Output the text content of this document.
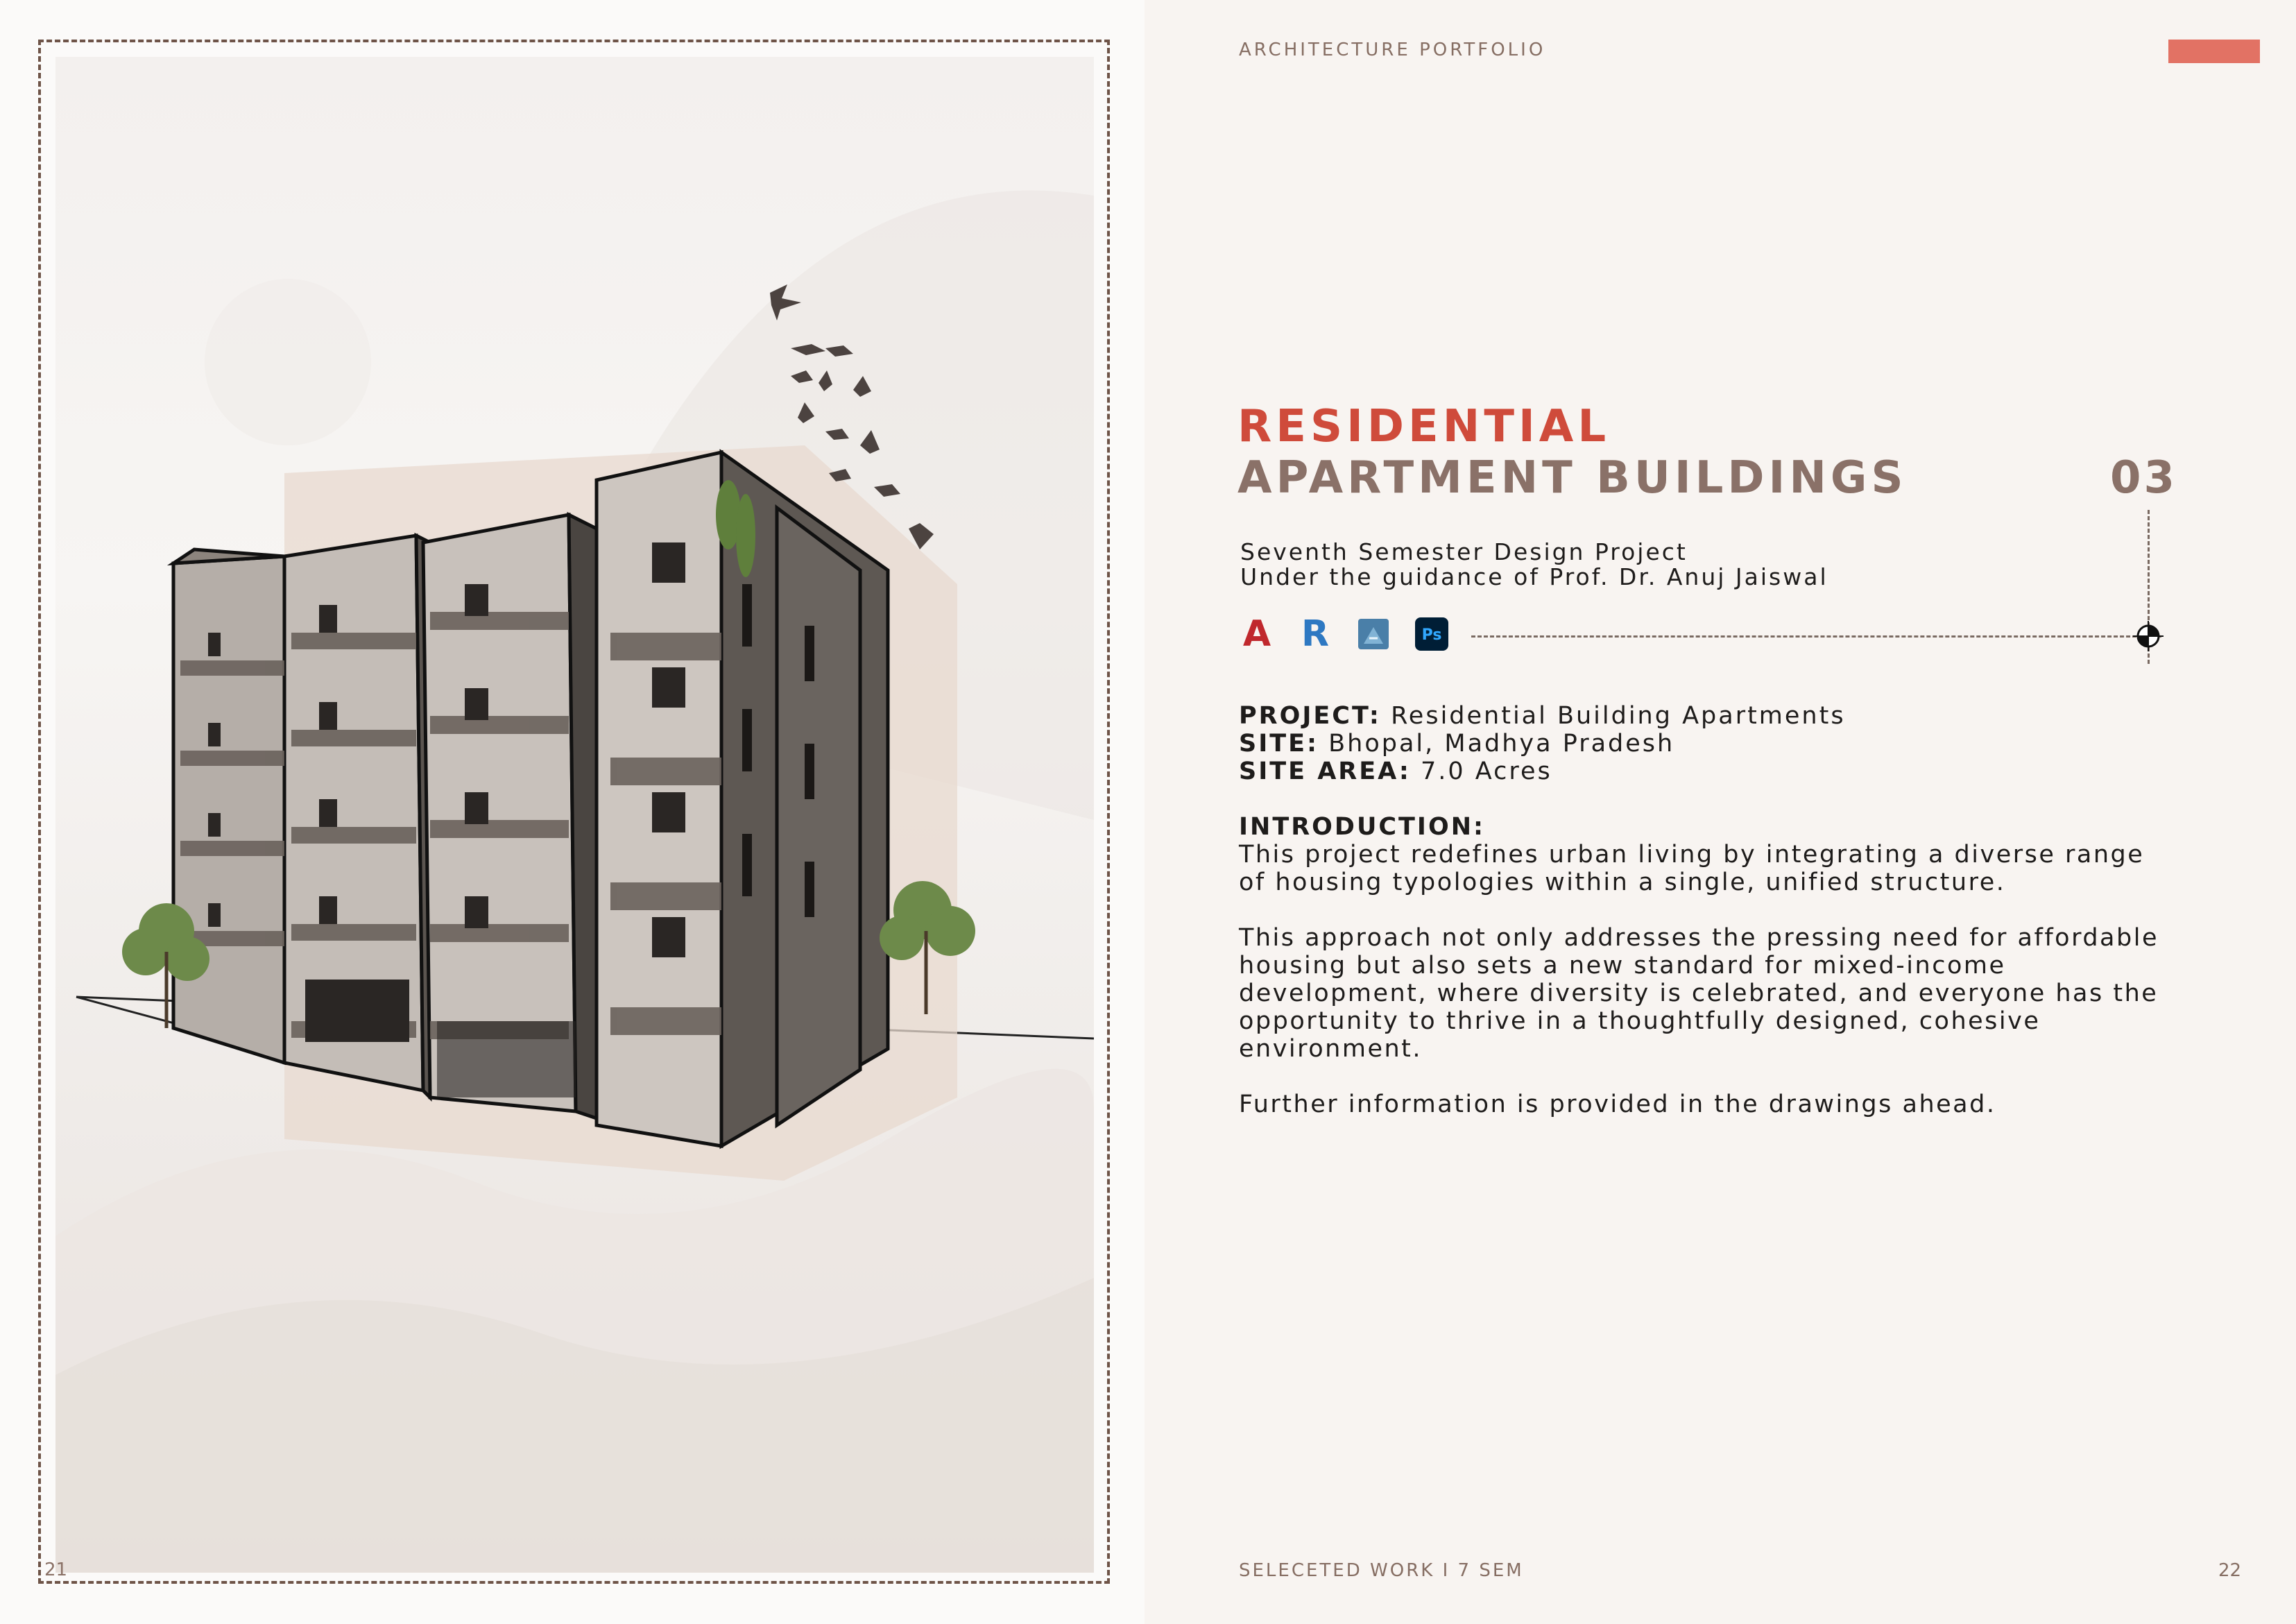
21
ARCHITECTURE PORTFOLIO
RESIDENTIAL
APARTMENT BUILDINGS	03
Seventh Semester Design Project
Under the guidance of Prof. Dr. Anuj Jaiswal
A R	Ps
PROJECT: Residential Building Apartments
SITE: Bhopal, Madhya Pradesh
SITE AREA: 7.0 Acres
INTRODUCTION:
This project redefines urban living by integrating a diverse range of housing typologies within a single, unified structure.
This approach not only addresses the pressing need for affordable housing but also sets a new standard for mixed-income development, where diversity is celebrated, and everyone has the opportunity to thrive in a thoughtfully designed, cohesive environment.
Further information is provided in the drawings ahead.
SELECETED WORK I 7 SEM	22
